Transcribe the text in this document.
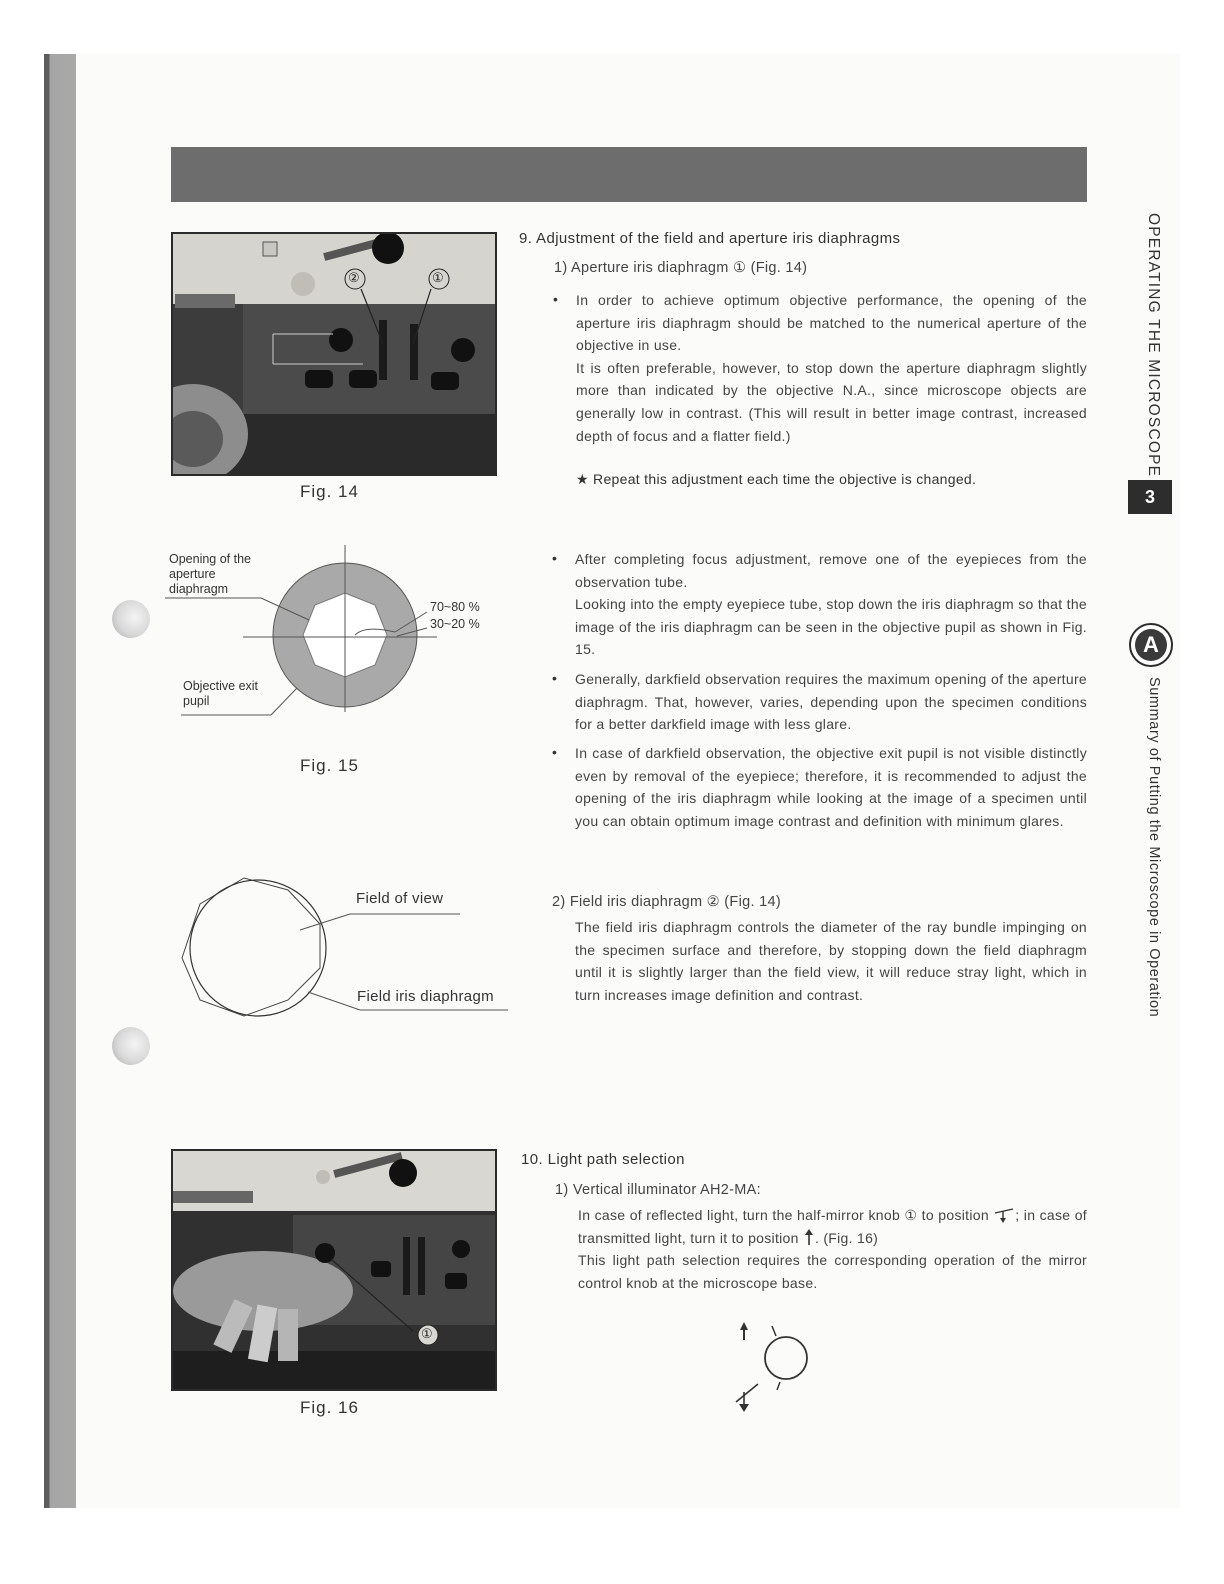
②	①
Fig. 14
Opening of the aperture diaphragm
Objective exit pupil
70~80 %
30~20 %
Fig. 15
Field of view
Field iris diaphragm
①
Fig. 16
9. Adjustment of the field and aperture iris diaphragms
1) Aperture iris diaphragm ① (Fig. 14)
• In order to achieve optimum objective performance, the opening of the aperture iris diaphragm should be matched to the numerical aperture of the objective in use.

It is often preferable, however, to stop down the aperture diaphragm slightly more than indicated by the objective N.A., since microscope objects are generally low in contrast. (This will result in better image contrast, increased depth of focus and a flatter field.)

★ Repeat this adjustment each time the objective is changed.
• After completing focus adjustment, remove one of the eyepieces from the observation tube.

Looking into the empty eyepiece tube, stop down the iris diaphragm so that the image of the iris diaphragm can be seen in the objective pupil as shown in Fig. 15.

• Generally, darkfield observation requires the maximum opening of the aperture diaphragm. That, however, varies, depending upon the specimen conditions for a better darkfield image with less glare.

• In case of darkfield observation, the objective exit pupil is not visible distinctly even by removal of the eyepiece; therefore, it is recommended to adjust the opening of the iris diaphragm while looking at the image of a specimen until you can obtain optimum image contrast and definition with minimum glares.

2) Field iris diaphragm ② (Fig. 14)

The field iris diaphragm controls the diameter of the ray bundle impinging on the specimen surface and therefore, by stopping down the field diaphragm until it is slightly larger than the field view, it will reduce stray light, which in turn increases image definition and contrast.

10. Light path selection
1) Vertical illuminator AH2-MA:

In case of reflected light, turn the half-mirror knob ① to position ; in case of transmitted light, turn it to position . (Fig. 16)

This light path selection requires the corresponding operation of the mirror control knob at the microscope base.

OPERATING THE MICROSCOPE
3
A
Summary of Putting the Microscope in Operation
